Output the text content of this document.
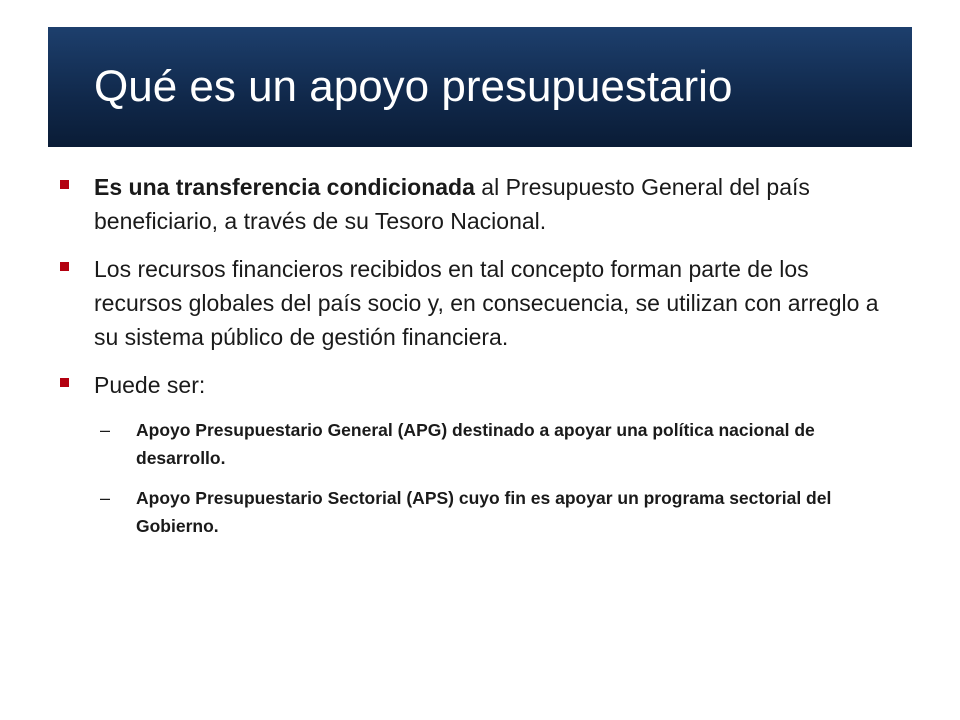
Qué es un apoyo presupuestario
Es una transferencia condicionada al Presupuesto General del país beneficiario, a través de su Tesoro Nacional.
Los recursos financieros recibidos en tal concepto forman parte de los recursos globales del país socio y, en consecuencia, se utilizan con arreglo a su sistema público de gestión financiera.
Puede ser:
– Apoyo Presupuestario General (APG) destinado a apoyar una política nacional de desarrollo.
– Apoyo Presupuestario Sectorial (APS) cuyo fin es apoyar un programa sectorial del Gobierno.
